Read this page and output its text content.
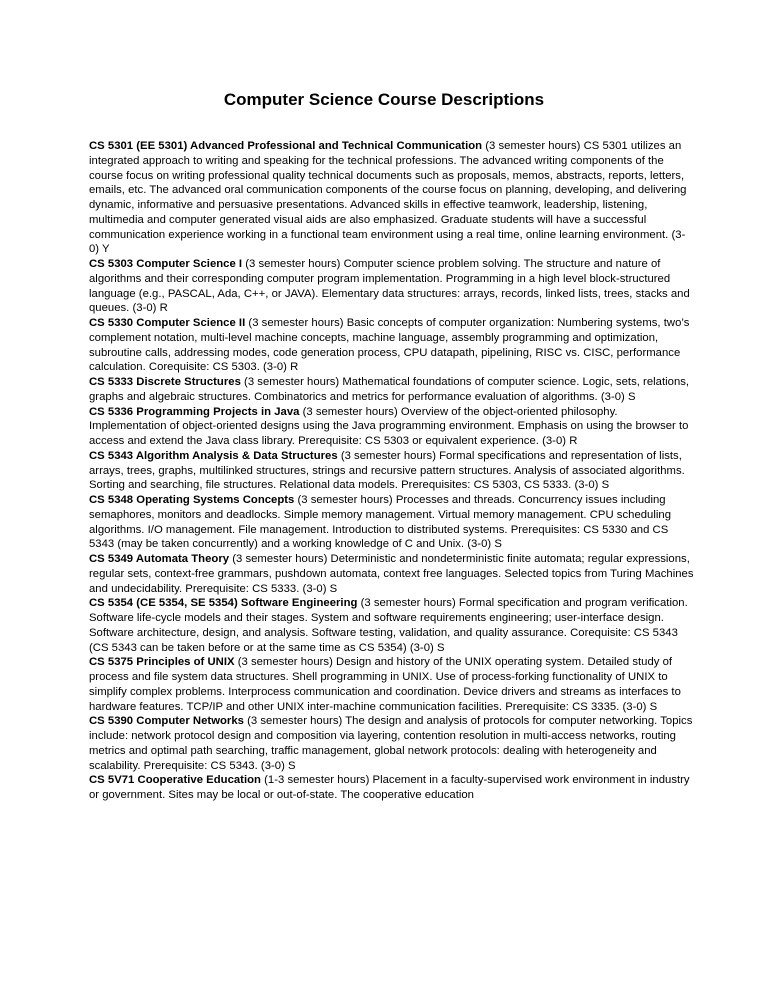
Computer Science Course Descriptions

CS 5301 (EE 5301) Advanced Professional and Technical Communication (3 semester hours) CS 5301 utilizes an integrated approach to writing and speaking for the technical professions. The advanced writing components of the course focus on writing professional quality technical documents such as proposals, memos, abstracts, reports, letters, emails, etc. The advanced oral communication components of the course focus on planning, developing, and delivering dynamic, informative and persuasive presentations. Advanced skills in effective teamwork, leadership, listening, multimedia and computer generated visual aids are also emphasized. Graduate students will have a successful communication experience working in a functional team environment using a real time, online learning environment. (3-0) Y

CS 5303 Computer Science I (3 semester hours) Computer science problem solving. The structure and nature of algorithms and their corresponding computer program implementation. Programming in a high level block-structured language (e.g., PASCAL, Ada, C++, or JAVA). Elementary data structures: arrays, records, linked lists, trees, stacks and queues. (3-0) R

CS 5330 Computer Science II (3 semester hours) Basic concepts of computer organization: Numbering systems, two’s complement notation, multi-level machine concepts, machine language, assembly programming and optimization, subroutine calls, addressing modes, code generation process, CPU datapath, pipelining, RISC vs. CISC, performance calculation. Corequisite: CS 5303. (3-0) R

CS 5333 Discrete Structures (3 semester hours) Mathematical foundations of computer science. Logic, sets, relations, graphs and algebraic structures. Combinatorics and metrics for performance evaluation of algorithms. (3-0) S

CS 5336 Programming Projects in Java (3 semester hours) Overview of the object-oriented philosophy. Implementation of object-oriented designs using the Java programming environment. Emphasis on using the browser to access and extend the Java class library. Prerequisite: CS 5303 or equivalent experience. (3-0) R

CS 5343 Algorithm Analysis & Data Structures (3 semester hours) Formal specifications and representation of lists, arrays, trees, graphs, multilinked structures, strings and recursive pattern structures. Analysis of associated algorithms. Sorting and searching, file structures. Relational data models. Prerequisites: CS 5303, CS 5333. (3-0) S

CS 5348 Operating Systems Concepts (3 semester hours) Processes and threads. Concurrency issues including semaphores, monitors and deadlocks. Simple memory management. Virtual memory management. CPU scheduling algorithms. I/O management. File management. Introduction to distributed systems. Prerequisites: CS 5330 and CS 5343 (may be taken concurrently) and a working knowledge of C and Unix. (3-0) S

CS 5349 Automata Theory (3 semester hours) Deterministic and nondeterministic finite automata; regular expressions, regular sets, context-free grammars, pushdown automata, context free languages. Selected topics from Turing Machines and undecidability. Prerequisite: CS 5333. (3-0) S

CS 5354 (CE 5354, SE 5354) Software Engineering (3 semester hours) Formal specification and program verification. Software life-cycle models and their stages. System and software requirements engineering; user-interface design. Software architecture, design, and analysis. Software testing, validation, and quality assurance. Corequisite: CS 5343 (CS 5343 can be taken before or at the same time as CS 5354) (3-0) S

CS 5375 Principles of UNIX (3 semester hours) Design and history of the UNIX operating system. Detailed study of process and file system data structures. Shell programming in UNIX. Use of process-forking functionality of UNIX to simplify complex problems. Interprocess communication and coordination. Device drivers and streams as interfaces to hardware features. TCP/IP and other UNIX inter-machine communication facilities. Prerequisite: CS 3335. (3-0) S

CS 5390 Computer Networks (3 semester hours) The design and analysis of protocols for computer networking. Topics include: network protocol design and composition via layering, contention resolution in multi-access networks, routing metrics and optimal path searching, traffic management, global network protocols: dealing with heterogeneity and scalability. Prerequisite: CS 5343. (3-0) S

CS 5V71 Cooperative Education (1-3 semester hours) Placement in a faculty-supervised work environment in industry or government. Sites may be local or out-of-state. The cooperative education
